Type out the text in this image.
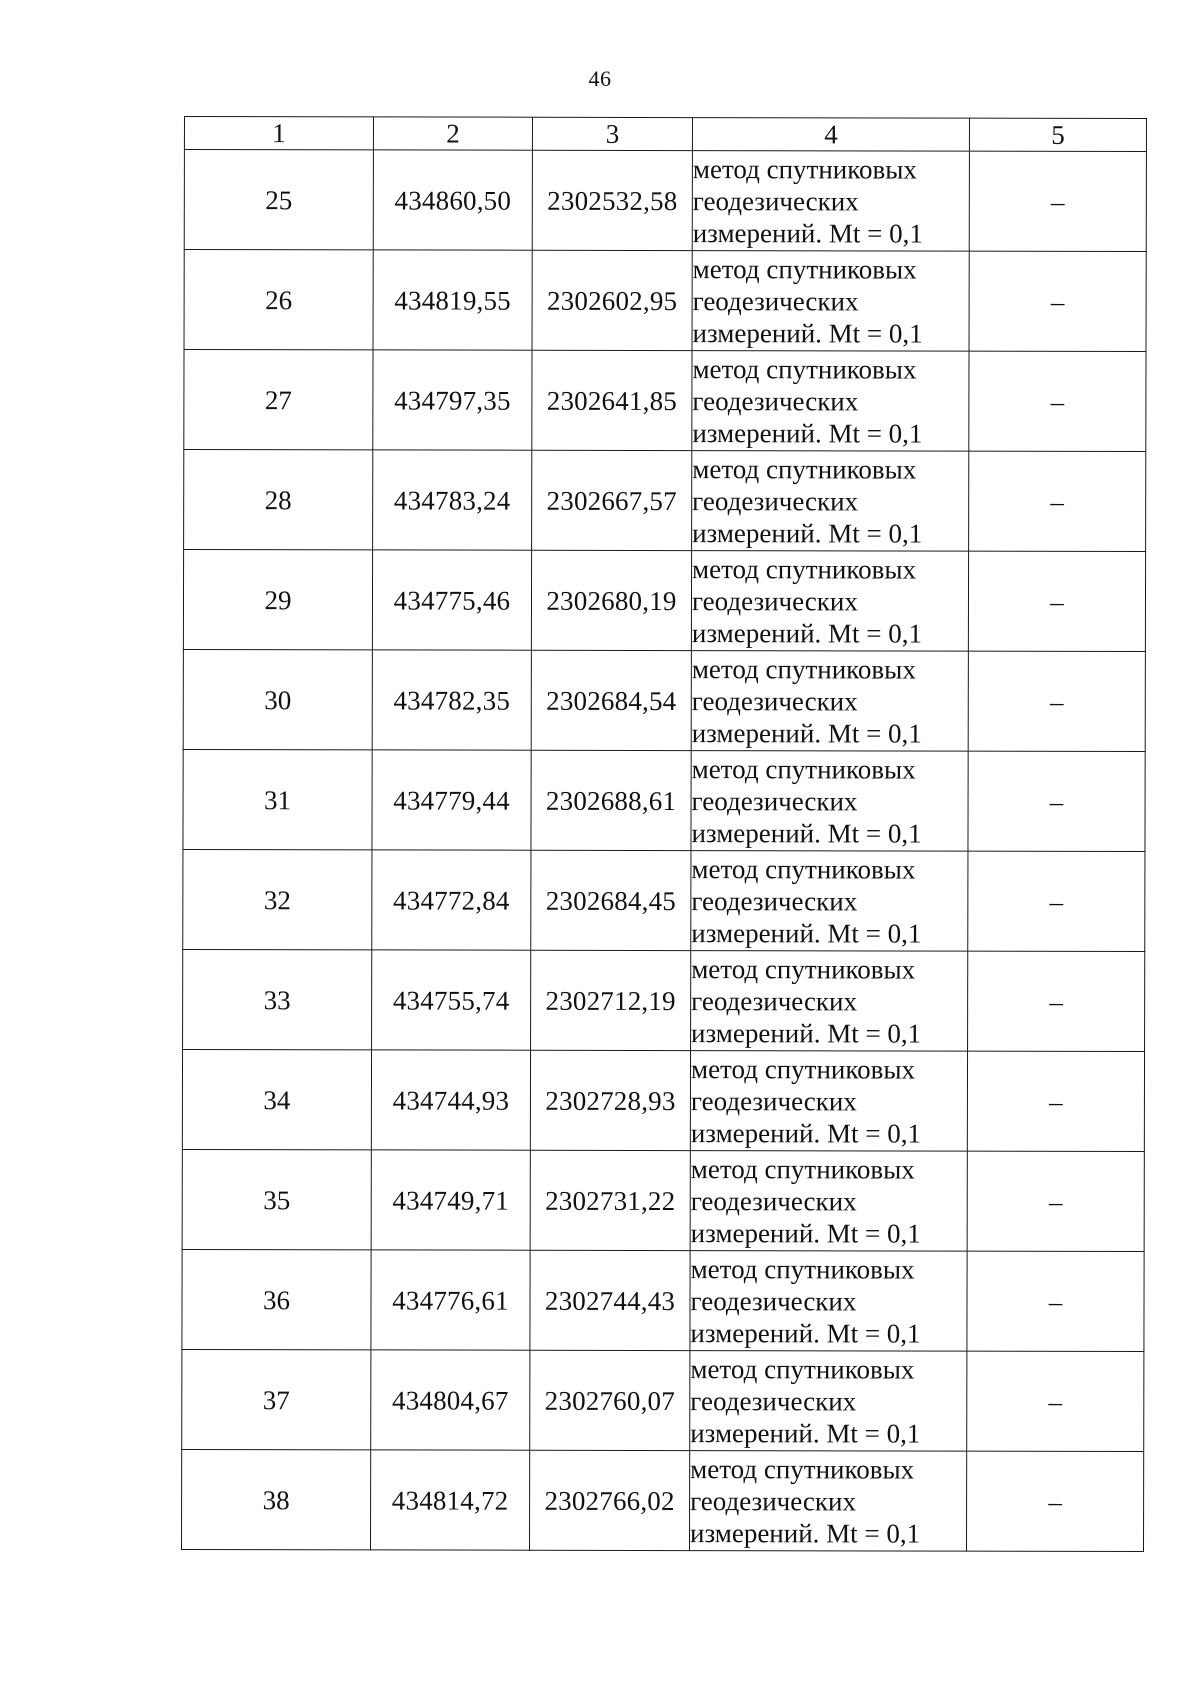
46
1	2	3	4	5
25	434860,50	2302532,58	метод спутниковых
геодезических
измерений. Mt = 0,1	–
26	434819,55	2302602,95	метод спутниковых
геодезических
измерений. Mt = 0,1	–
27	434797,35	2302641,85	метод спутниковых
геодезических
измерений. Mt = 0,1	–
28	434783,24	2302667,57	метод спутниковых
геодезических
измерений. Mt = 0,1	–
29	434775,46	2302680,19	метод спутниковых
геодезических
измерений. Mt = 0,1	–
30	434782,35	2302684,54	метод спутниковых
геодезических
измерений. Mt = 0,1	–
31	434779,44	2302688,61	метод спутниковых
геодезических
измерений. Mt = 0,1	–
32	434772,84	2302684,45	метод спутниковых
геодезических
измерений. Mt = 0,1	–
33	434755,74	2302712,19	метод спутниковых
геодезических
измерений. Mt = 0,1	–
34	434744,93	2302728,93	метод спутниковых
геодезических
измерений. Mt = 0,1	–
35	434749,71	2302731,22	метод спутниковых
геодезических
измерений. Mt = 0,1	–
36	434776,61	2302744,43	метод спутниковых
геодезических
измерений. Mt = 0,1	–
37	434804,67	2302760,07	метод спутниковых
геодезических
измерений. Mt = 0,1	–
38	434814,72	2302766,02	метод спутниковых
геодезических
измерений. Mt = 0,1	–
